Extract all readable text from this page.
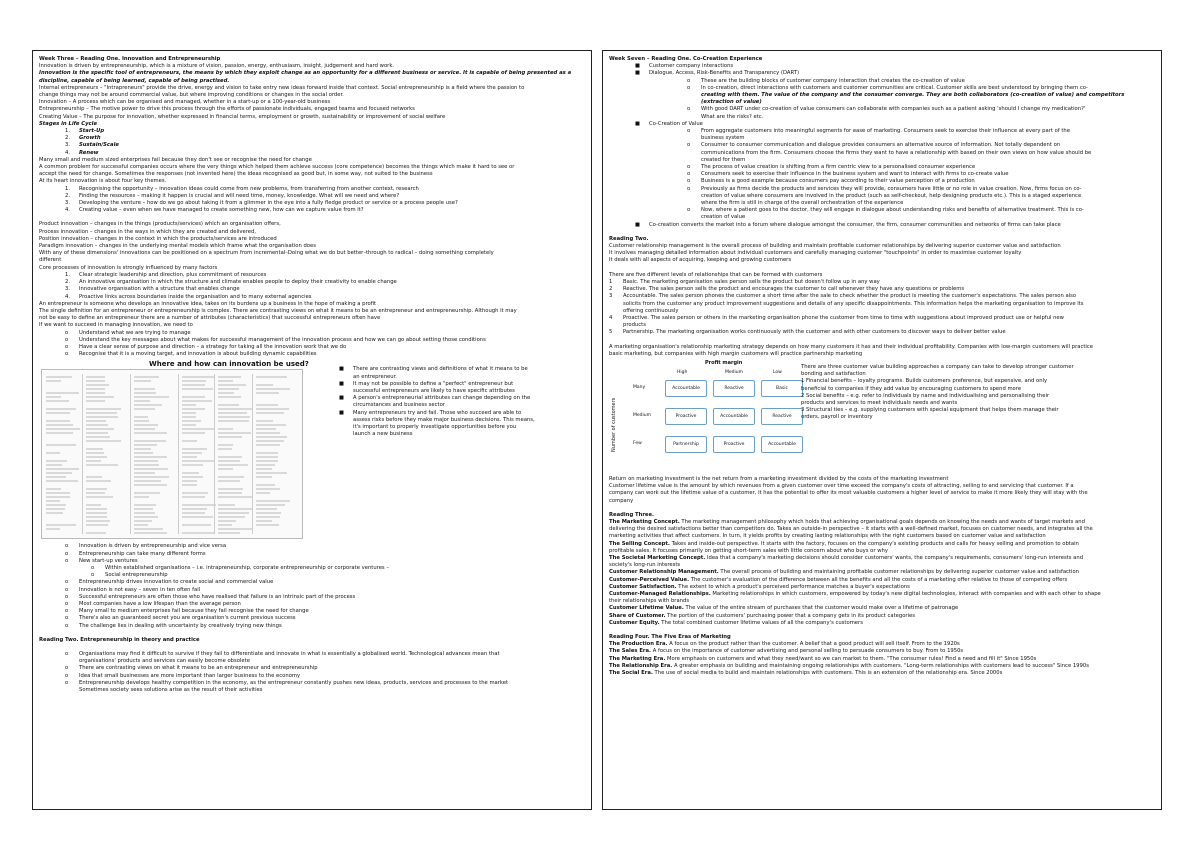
Week Three – Reading One. Innovation and Entrepreneurship
Innovation is driven by entrepreneurship, which is a mixture of vision, passion, energy, enthusiasm, insight, judgement and hard work.
Innovation is the specific tool of entrepreneurs, the means by which they exploit change as an opportunity for a different business or service. It is capable of being presented as a
discipline, capable of being learned, capable of being practised.
Internal entrepreneurs – "Intrapreneurs" provide the drive, energy and vision to take entry new ideas forward inside that context. Social entrepreneurship is a field where the passion to
change things may not be around commercial value, but where improving conditions or changes in the social order.
Innovation – A process which can be organised and managed, whether in a start-up or a 100-year-old business
Entrepreneurship – The motive power to drive this process through the efforts of passionate individuals, engaged teams and focused networks
Creating Value – The purpose for innovation, whether expressed in financial terms, employment or growth, sustainability or improvement of social welfare
Stages in Life Cycle
1. Start-Up
2. Growth
3. Sustain/Scale
4. Renew
Many small and medium sized enterprises fail because they don't see or recognise the need for change
A common problem for successful companies occurs where the very things which helped them achieve success (core competence) becomes the things which make it hard to see or
accept the need for change. Sometimes the responses (not invented here) the ideas recognised as good but, in some way, not suited to the business
At its heart innovation is about four key themes.
1. Recognising the opportunity – innovation ideas could come from new problems, from transferring from another context, research
2. Finding the resources – making it happen is crucial and will need time, money, knowledge. What will we need and where?
3. Developing the venture – how do we go about taking it from a glimmer in the eye into a fully fledge product or service or a process people use?
4. Creating value – even when we have managed to create something new, how can we capture value from it?
Product innovation – changes in the things (products/services) which an organisation offers,
Process innovation – changes in the ways in which they are created and delivered,
Position innovation – changes in the context in which the products/services are introduced
Paradigm innovation – changes in the underlying mental models which frame what the organisation does
With any of these dimensions' innovations can be positioned on a spectrum from incremental–Doing what we do but better–through to radical – doing something completely
different
Core processes of innovation is strongly influenced by many factors
1. Clear strategic leadership and direction, plus commitment of resources
2. An innovative organisation in which the structure and climate enables people to deploy their creativity to enable change
3. Innovative organisation with a structure that enables change
4. Proactive links across boundaries inside the organisation and to many external agencies
An entrepreneur is someone who develops an innovative idea, takes on its burdens up a business in the hope of making a profit
The single definition for an entrepreneur or entrepreneurship is complex. There are contrasting views on what it means to be an entrepreneur and entrepreneurship. Although it may
not be easy to define an entrepreneur there are a number of attributes (characteristics) that successful entrepreneurs often have
If we want to succeed in managing innovation, we need to
o Understand what we are trying to manage
o Understand the key messages about what makes for successful management of the innovation process and how we can go about setting those conditions
o Have a clear sense of purpose and direction – a strategy for taking all the innovation work that we do
o Recognise that it is a moving target, and innovation is about building dynamic capabilities
Where and how can innovation be used?
■ There are contrasting views and definitions of what it means to be
an entrepreneur.
■ It may not be possible to define a "perfect" entrepreneur but
successful entrepreneurs are likely to have specific attributes
■ A person's entrepreneurial attributes can change depending on the
circumstances and business sector
■ Many entrepreneurs try and fail. Those who succeed are able to
assess risks before they make major business decisions. This means,
it's important to properly investigate opportunities before you
launch a new business
o Innovation is driven by entrepreneurship and vice versa
o Entrepreneurship can take many different forms
o New start-up ventures
o Within established organisations – i.e. intrapreneurship, corporate entrepreneurship or corporate ventures –
o Social entrepreneurship
o Entrepreneurship drives innovation to create social and commercial value
o Innovation is not easy – seven in ten often fail
o Successful entrepreneurs are often those who have realised that failure is an intrinsic part of the process
o Most companies have a low lifespan than the average person
o Many small to medium enterprises fail because they fail recognise the need for change
o There's also an guaranteed secret you are organisation's current previous success
o The challenge lies in dealing with uncertainty by creatively trying new things
Reading Two. Entrepreneurship in theory and practice
o Organisations may find it difficult to survive if they fail to differentiate and innovate in what is essentially a globalised world. Technological advances mean that
organisations' products and services can easily become obsolete
o There are contrasting views on what it means to be an entrepreneur and entrepreneurship
o Idea that small businesses are more important than larger business to the economy
o Entrepreneurship develops healthy competition in the economy, as the entrepreneur constantly pushes new ideas, products, services and processes to the market
Sometimes society sees solutions arise as the result of their activities
Week Seven – Reading One. Co-Creation Experience
■ Customer company interactions
■ Dialogue, Access, Risk-Benefits and Transparency (DART)
o These are the building blocks of customer company interaction that creates the co-creation of value
o In co-creation, direct interactions with customers and customer communities are critical. Customer skills are best understood by bringing them co-
creating with them. The value of the company and the consumer converge. They are both collaborators (co-creation of value) and competitors
(extraction of value)
o With good DART under co-creation of value consumers can collaborate with companies such as a patient asking 'should I change my medication?'
What are the risks? etc.
■ Co-Creation of Value
o From aggregate customers into meaningful segments for ease of marketing. Consumers seek to exercise their influence at every part of the
business system
o Consumer to consumer communication and dialogue provides consumers an alternative source of information. Not totally dependent on
communications from the firm. Consumers choose the firms they want to have a relationship with based on their own views on how value should be
created for them
o The process of value creation is shifting from a firm centric view to a personalised consumer experience
o Consumers seek to exercise their influence in the business system and want to interact with firms to co-create value
o Business is a good example because consumers pay according to their value perception of a production
o Previously as firms decide the products and services they will provide, consumers have little or no role in value creation. Now, firms focus on co-
creation of value where consumers are involved in the product (such as self-checkout, help designing products etc.). This is a staged experience
where the firm is still in charge of the overall orchestration of the experience
o Now, where a patient goes to the doctor, they will engage in dialogue about understanding risks and benefits of alternative treatment. This is co-
creation of value
■ Co-creation converts the market into a forum where dialogue amongst the consumer, the firm, consumer communities and networks of firms can take place
Reading Two.
Customer relationship management is the overall process of building and maintain profitable customer relationships by delivering superior customer value and satisfaction
It involves managing detailed information about individual customers and carefully managing customer "touchpoints" in order to maximise customer loyalty
It deals with all aspects of acquiring, keeping and growing customers
There are five different levels of relationships that can be formed with customers
1 Basic. The marketing organisation sales person sells the product but doesn't follow up in any way
2 Reactive. The sales person sells the product and encourages the customer to call whenever they have any questions or problems
3 Accountable. The sales person phones the customer a short time after the sale to check whether the product is meeting the customer's expectations. The sales person also
solicits from the customer any product improvement suggestions and details of any specific disappointments. This information helps the marketing organisation to improve its
offering continuously
4 Proactive. The sales person or others in the marketing organisation phone the customer from time to time with suggestions about improved product use or helpful new
products
5 Partnership. The marketing organisation works continuously with the customer and with other customers to discover ways to deliver better value
A marketing organisation's relationship marketing strategy depends on how many customers it has and their individual profitability. Companies with low-margin customers will practice
basic marketing, but companies with high margin customers will practice partnership marketing
Profit margin
Number of customers
High	Medium	Low
Many	Accountable	Reactive	Basic
Medium	Proactive	Accountable	Reactive
Few	Partnership	Proactive	Accountable
There are three customer value building approaches a company can take to develop stronger customer
bonding and satisfaction
1 Financial benefits – loyalty programs. Builds customers preference, but expensive, and only
beneficial to companies if they add value by encouraging customers to spend more
2 Social benefits – e.g. refer to individuals by name and individualising and personalising their
products and services to meet individuals needs and wants
3 Structural ties – e.g. supplying customers with special equipment that helps them manage their
orders, payroll or inventory
Return on marketing investment is the net return from a marketing investment divided by the costs of the marketing investment
Customer lifetime value is the amount by which revenues from a given customer over time exceed the company's costs of attracting, selling to and servicing that customer. If a
company can work out the lifetime value of a customer, it has the potential to offer its most valuable customers a higher level of service to make it more likely they will stay with the
company
Reading Three.
The Marketing Concept. The marketing management philosophy which holds that achieving organisational goals depends on knowing the needs and wants of target markets and
delivering the desired satisfactions better than competitors do. Takes an outside-in perspective – it starts with a well-defined market, focuses on customer needs, and integrates all the
marketing activities that affect customers. In turn, it yields profits by creating lasting relationships with the right customers based on customer value and satisfaction
The Selling Concept. Takes and inside-out perspective. It starts with the factory, focuses on the company's existing products and calls for heavy selling and promotion to obtain
profitable sales. It focuses primarily on getting short-term sales with little concern about who buys or why
The Societal Marketing Concept. Idea that a company's marketing decisions should consider customers' wants, the company's requirements, consumers' long-run interests and
society's long-run interests
Customer Relationship Management. The overall process of building and maintaining profitable customer relationships by delivering superior customer value and satisfaction
Customer-Perceived Value. The customer's evaluation of the difference between all the benefits and all the costs of a marketing offer relative to those of competing offers
Customer Satisfaction. The extent to which a product's perceived performance matches a buyer's expectations
Customer-Managed Relationships. Marketing relationships in which customers, empowered by today's new digital technologies, interact with companies and with each other to shape
their relationships with brands
Customer Lifetime Value. The value of the entire stream of purchases that the customer would make over a lifetime of patronage
Share of Customer. The portion of the customers' purchasing power that a company gets in its product categories
Customer Equity. The total combined customer lifetime values of all the company's customers
Reading Four. The Five Eras of Marketing
The Production Era. A focus on the product rather than the customer. A belief that a good product will sell itself. From to the 1920s
The Sales Era. A focus on the importance of customer advertising and personal selling to persuade consumers to buy. From to 1950s
The Marketing Era. More emphasis on customers and what they need/want so we can market to them. "The consumer rules! Find a need and fill it" Since 1950s
The Relationship Era. A greater emphasis on building and maintaining ongoing relationships with customers. "Long-term relationships with customers lead to success" Since 1990s
The Social Era. The use of social media to build and maintain relationships with customers. This is an extension of the relationship era. Since 2000s
